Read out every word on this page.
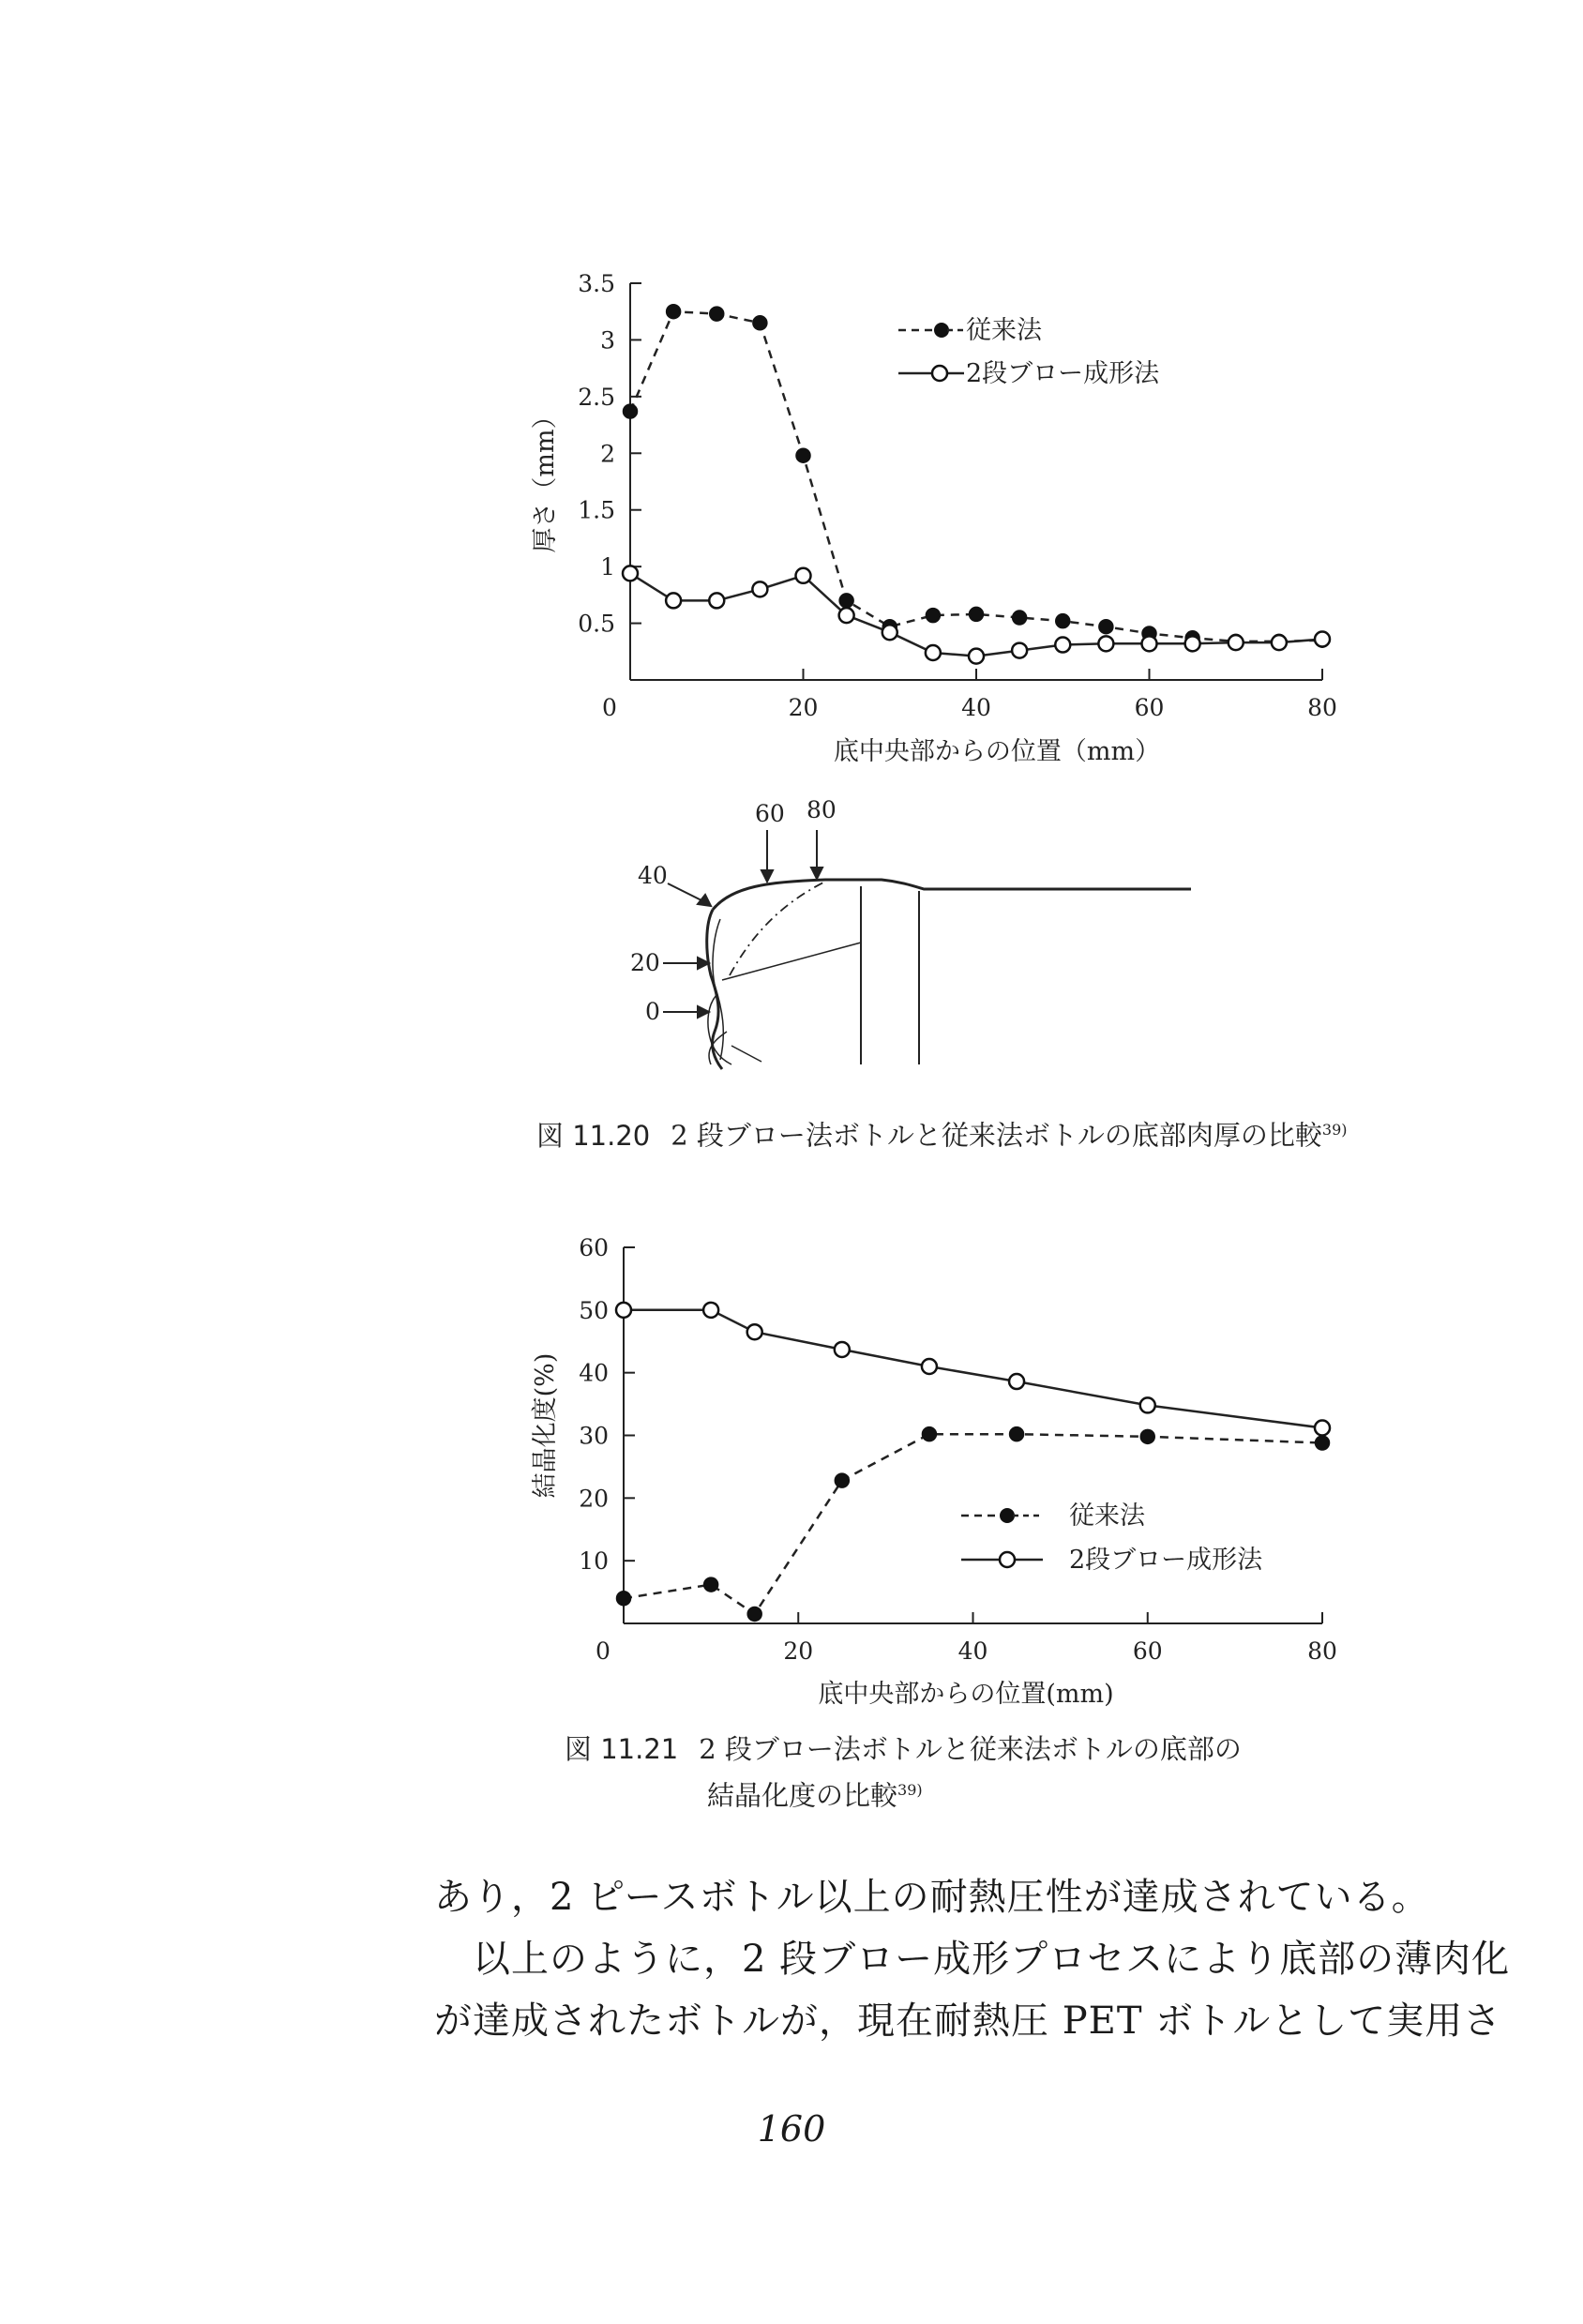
0.5
1
1.5
2
2.5
3
3.5
0	20	40	60	80
従来法
2段ブロー成形法
底中央部からの位置（mm）
厚さ（mm）
60 80
40
20
0
図 11.20 2 段ブロー法ボトルと従来法ボトルの底部肉厚の比較$^{39)}$
10
20
30
40
50
60
0	20	40	60	80
従来法
2段ブロー成形法
底中央部からの位置(mm)
結晶化度(%)
図 11.21 2 段ブロー法ボトルと従来法ボトルの底部の
結晶化度の比較$^{39)}$
あり，2 ピースボトル以上の耐熱圧性が達成されている。
　以上のように，2 段ブロー成形プロセスにより底部の薄肉化
が達成されたボトルが，現在耐熱圧 PET ボトルとして実用さ
160
